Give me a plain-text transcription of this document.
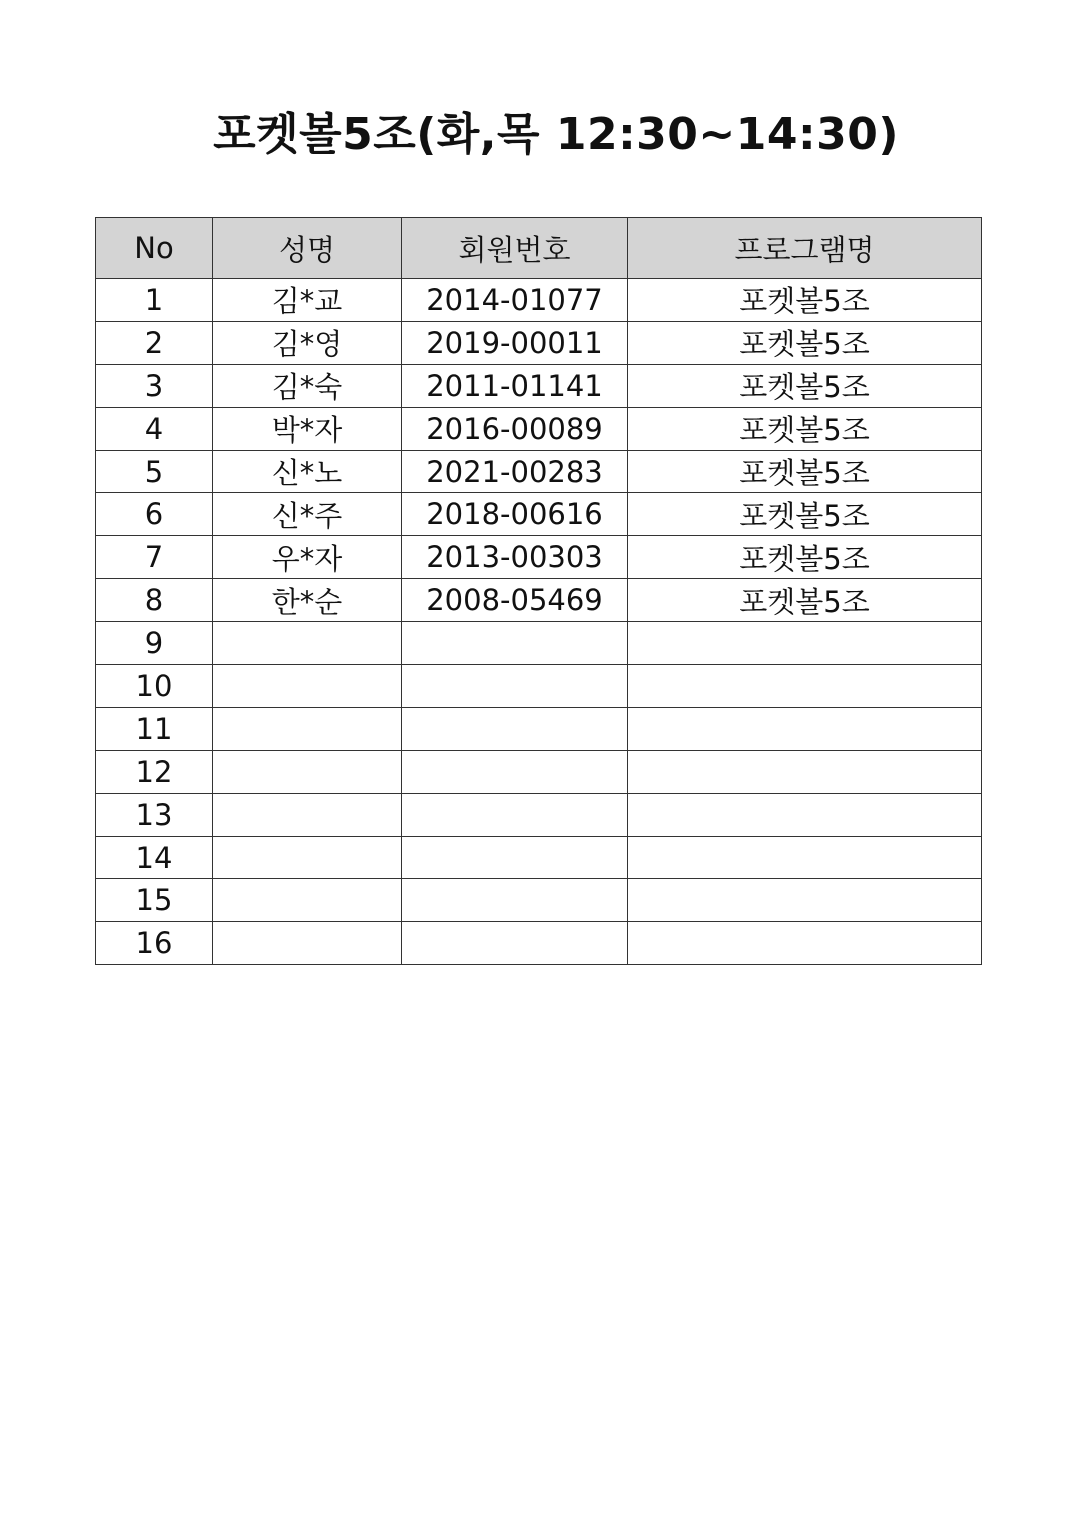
포켓볼5조(화,목 12:30~14:30)
No	성명	회원번호	프로그램명
1	김*교	2014-01077	포켓볼5조
2	김*영	2019-00011	포켓볼5조
3	김*숙	2011-01141	포켓볼5조
4	박*자	2016-00089	포켓볼5조
5	신*노	2021-00283	포켓볼5조
6	신*주	2018-00616	포켓볼5조
7	우*자	2013-00303	포켓볼5조
8	한*순	2008-05469	포켓볼5조
9			
10			
11			
12			
13			
14			
15			
16			
